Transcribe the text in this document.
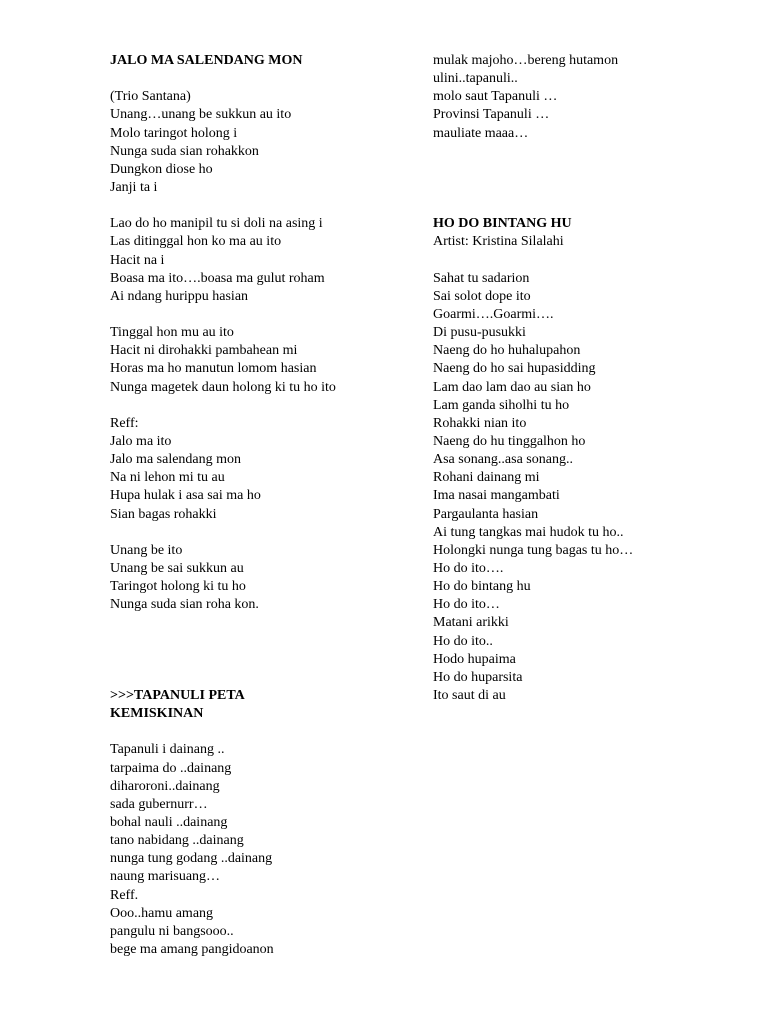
JALO MA SALENDANG MON
(Trio Santana)
Unang…unang be sukkun au ito
Molo taringot holong i
Nunga suda sian rohakkon
Dungkon diose ho
Janji ta i
Lao do ho manipil tu si doli na asing i
Las ditinggal hon ko ma au ito
Hacit na i
Boasa ma ito….boasa ma gulut roham
Ai ndang hurippu hasian
Tinggal hon mu au ito
Hacit ni dirohakki pambahean mi
Horas ma ho manutun lomom hasian
Nunga magetek daun holong ki tu ho ito
Reff:
Jalo ma ito
Jalo ma salendang mon
Na ni lehon mi tu au
Hupa hulak i asa sai ma ho
Sian bagas rohakki
Unang be ito
Unang be sai sukkun au
Taringot holong ki tu ho
Nunga suda sian roha kon.
>>>TAPANULI PETA
KEMISKINAN
Tapanuli i dainang ..
tarpaima do ..dainang
diharoroni..dainang
sada gubernurr…
bohal nauli ..dainang
tano nabidang ..dainang
nunga tung godang ..dainang
naung marisuang…
Reff.
Ooo..hamu amang
pangulu ni bangsooo..
bege ma amang pangidoanon
mulak majoho…bereng hutamon
ulini..tapanuli..
molo saut Tapanuli …
Provinsi Tapanuli …
mauliate maaa…
HO DO BINTANG HU
Artist: Kristina Silalahi
Sahat tu sadarion
Sai solot dope ito
Goarmi….Goarmi….
Di pusu-pusukki
Naeng do ho huhalupahon
Naeng do ho sai hupasidding
Lam dao lam dao au sian ho
Lam ganda siholhi tu ho
Rohakki nian ito
Naeng do hu tinggalhon ho
Asa sonang..asa sonang..
Rohani dainang mi
Ima nasai mangambati
Pargaulanta hasian
Ai tung tangkas mai hudok tu ho..
Holongki nunga tung bagas tu ho…
Ho do ito….
Ho do bintang hu
Ho do ito…
Matani arikki
Ho do ito..
Hodo hupaima
Ho do huparsita
Ito saut di au
